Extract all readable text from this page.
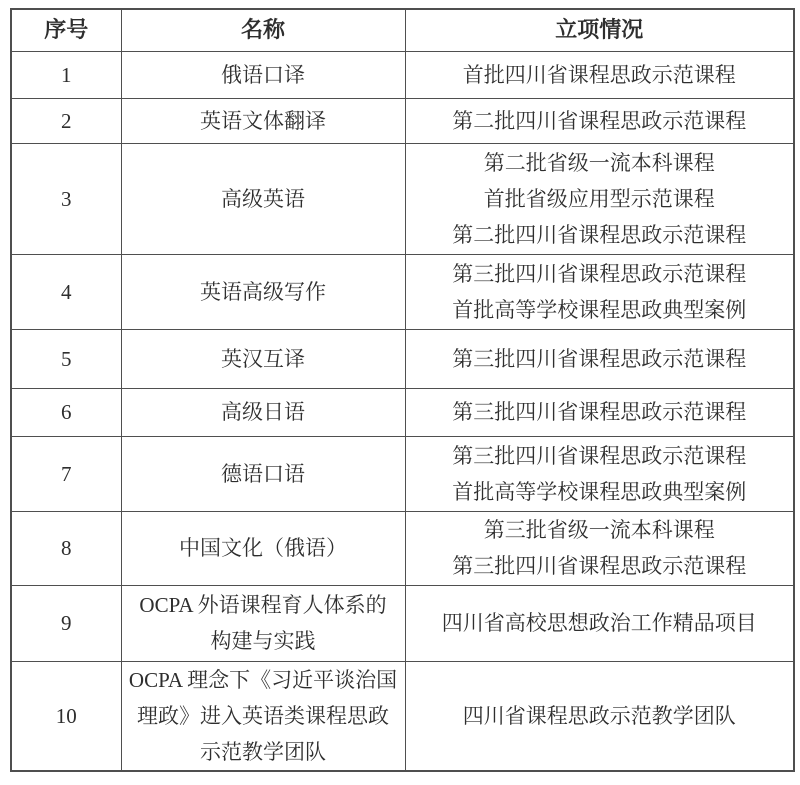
序号	名称	立项情况

1	俄语口译	首批四川省课程思政示范课程

2	英语文体翻译	第二批四川省课程思政示范课程

3	高级英语	第二批省级一流本科课程
首批省级应用型示范课程
第二批四川省课程思政示范课程

4	英语高级写作	第三批四川省课程思政示范课程
首批高等学校课程思政典型案例

5	英汉互译	第三批四川省课程思政示范课程

6	高级日语	第三批四川省课程思政示范课程

7	德语口语	第三批四川省课程思政示范课程
首批高等学校课程思政典型案例

8	中国文化（俄语）	第三批省级一流本科课程
第三批四川省课程思政示范课程

9	OCPA 外语课程育人体系的
构建与实践	四川省高校思想政治工作精品项目

10	OCPA 理念下《习近平谈治国
理政》进入英语类课程思政
示范教学团队	四川省课程思政示范教学团队
